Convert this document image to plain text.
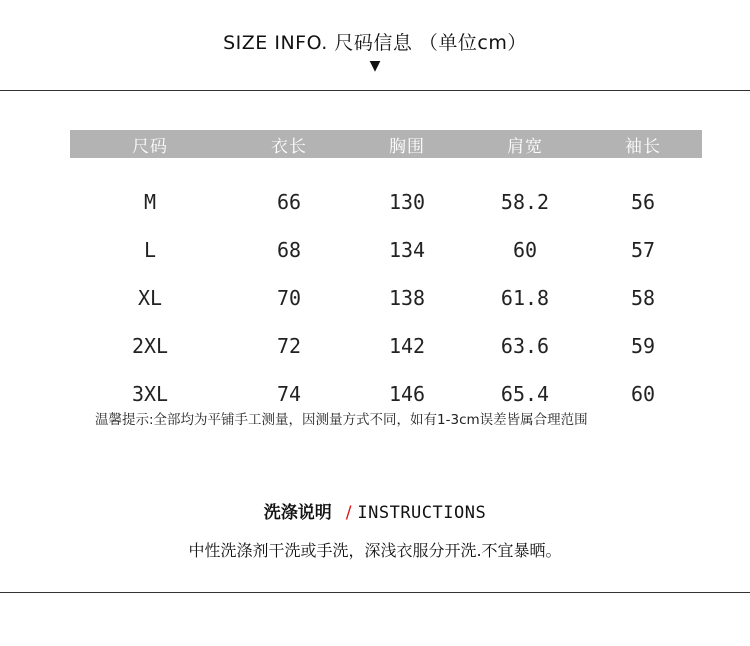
SIZE INFO. 尺码信息 （单位cm）
▼
尺码	衣长	胸围	肩宽	袖长
M	66	130	58.2	56
L	68	134	60	57
XL	70	138	61.8	58
2XL	72	142	63.6	59
3XL	74	146	65.4	60
温馨提示:全部均为平铺手工测量，因测量方式不同，如有1-3cm误差皆属合理范围
洗涤说明 / INSTRUCTIONS
中性洗涤剂干洗或手洗，深浅衣服分开洗.不宜暴晒。
